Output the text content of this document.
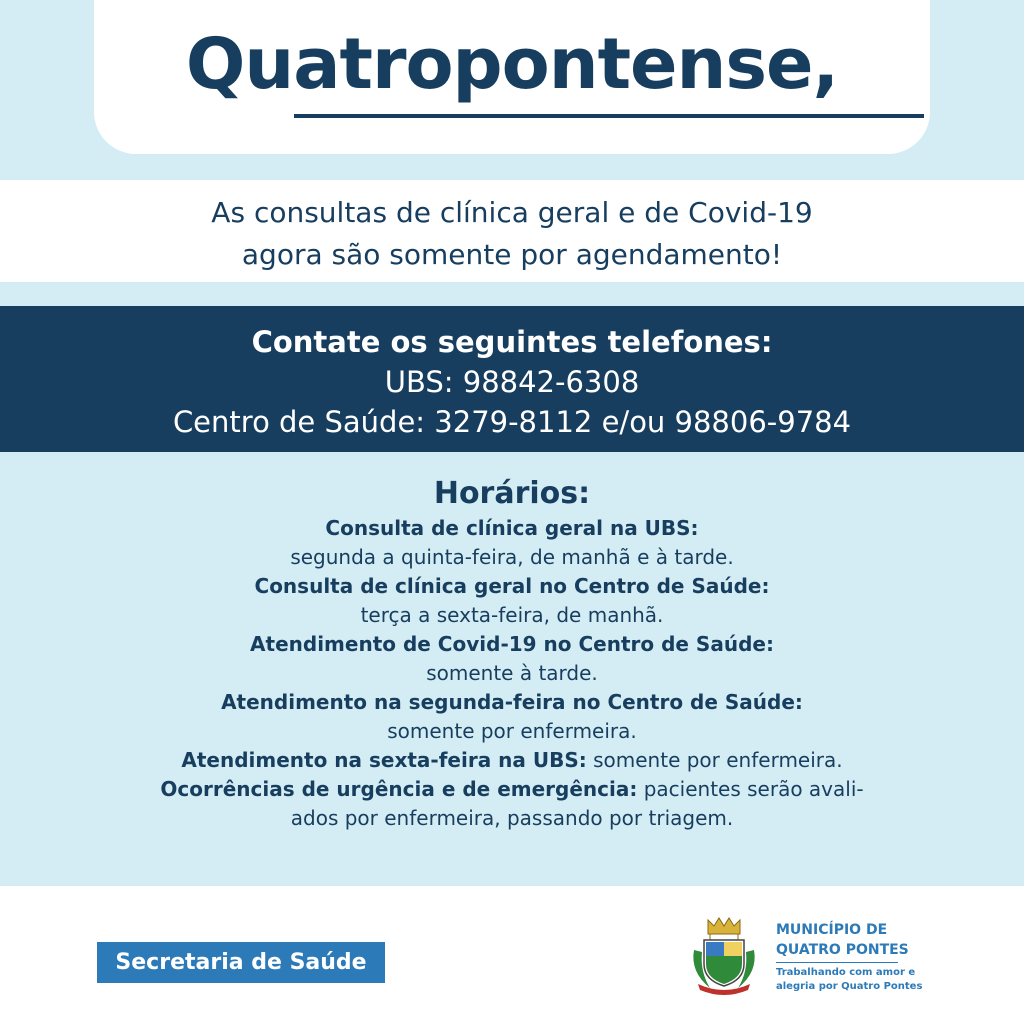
Quatropontense,
As consultas de clínica geral e de Covid-19
agora são somente por agendamento!
Contate os seguintes telefones:
UBS: 98842-6308
Centro de Saúde: 3279-8112 e/ou 98806-9784
Horários:
Consulta de clínica geral na UBS:
segunda a quinta-feira, de manhã e à tarde.
Consulta de clínica geral no Centro de Saúde:
terça a sexta-feira, de manhã.
Atendimento de Covid-19 no Centro de Saúde:
somente à tarde.
Atendimento na segunda-feira no Centro de Saúde:
somente por enfermeira.
Atendimento na sexta-feira na UBS: somente por enfermeira.
Ocorrências de urgência e de emergência: pacientes serão avali-
ados por enfermeira, passando por triagem.
Secretaria de Saúde
MUNICÍPIO DE
QUATRO PONTES
Trabalhando com amor e
alegria por Quatro Pontes
